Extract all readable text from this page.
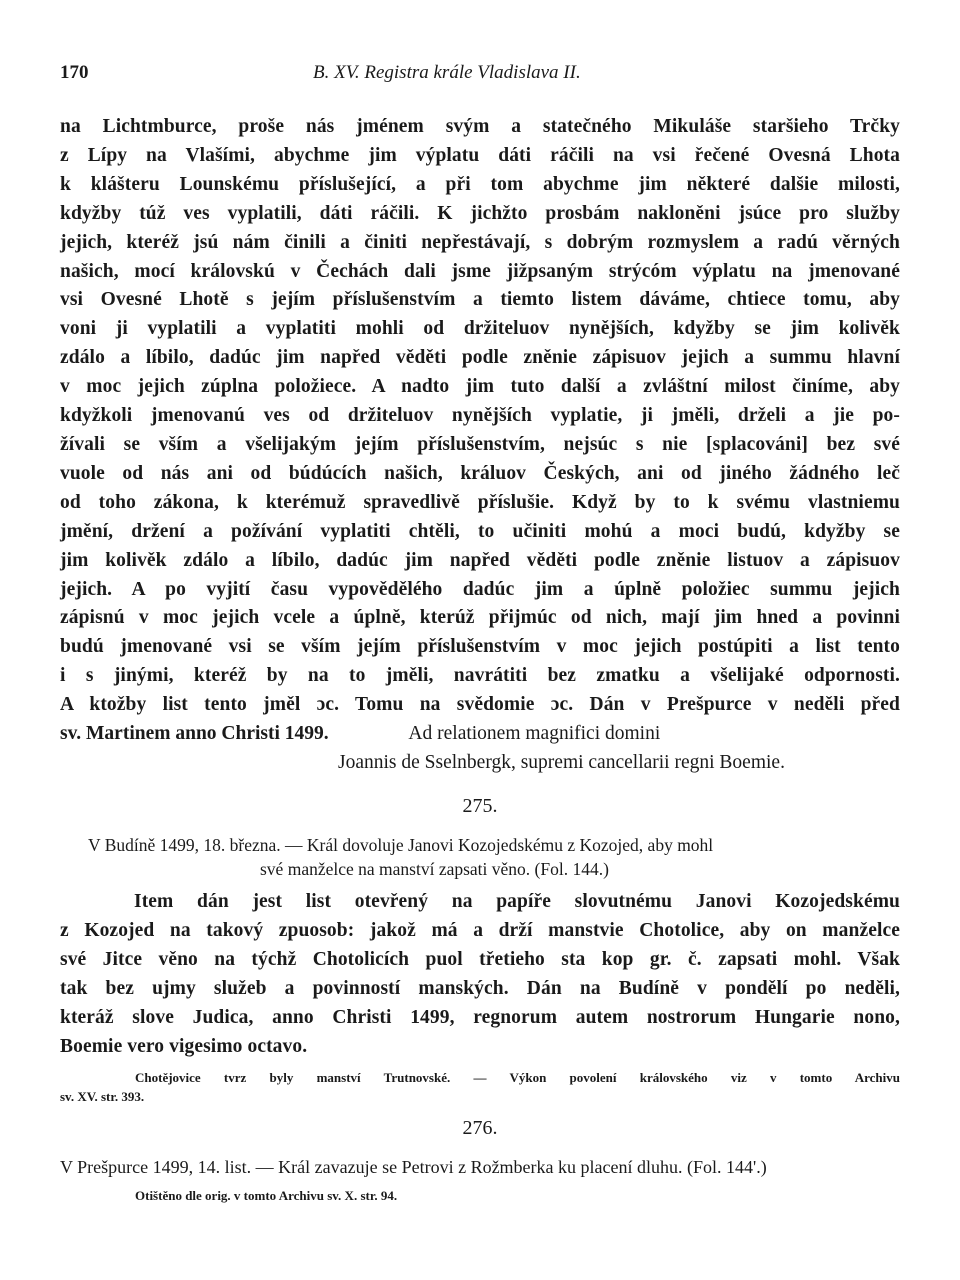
170	B. XV. Registra krále Vladislava II.
na Lichtmburce, proše nás jménem svým a statečného Mikuláše staršieho Trčky
z Lípy na Vlašími, abychme jim výplatu dáti ráčili na vsi řečené Ovesná Lhota
k klášteru Lounskému příslušející, a při tom abychme jim některé dalšie milosti,
kdyžby túž ves vyplatili, dáti ráčili. K jichžto prosbám nakloněni jsúce pro služby
jejich, kteréž jsú nám činili a činiti nepřestávají, s dobrým rozmyslem a radú věrných
našich, mocí královskú v Čechách dali jsme jižpsaným strýcóm výplatu na jmenované
vsi Ovesné Lhotě s jejím příslušenstvím a tiemto listem dáváme, chtiece tomu, aby
voni ji vyplatili a vyplatiti mohli od držiteluov nynějších, kdyžby se jim kolivěk
zdálo a líbilo, dadúc jim napřed věděti podle zněnie zápisuov jejich a summu hlavní
v moc jejich zúplna položiece. A nadto jim tuto další a zvláštní milost činíme, aby
kdyžkoli jmenovanú ves od držiteluov nynějších vyplatie, ji jměli, drželi a jie po-
žívali se vším a všelijakým jejím příslušenstvím, nejsúc s nie [splacováni] bez své
vuole od nás ani od búdúcích našich, králuov Českých, ani od jiného žádného leč
od toho zákona, k kterémuž spravedlivě příslušie. Když by to k svému vlastniemu
jmění, držení a požívání vyplatiti chtěli, to učiniti mohú a moci budú, kdyžby se
jim kolivěk zdálo a líbilo, dadúc jim napřed věděti podle zněnie listuov a zápisuov
jejich. A po vyjití času vypovědělého dadúc jim a úplně položiec summu jejich
zápisnú v moc jejich vcele a úplně, kterúž přijmúc od nich, mají jim hned a povinni
budú jmenované vsi se vším jejím příslušenstvím v moc jejich postúpiti a list tento
i s jinými, kteréž by na to jměli, navrátiti bez zmatku a všelijaké odpornosti.
A ktožby list tento jměl ɔc. Tomu na svědomie ɔc. Dán v Prešpurce v neděli před
sv. Martinem anno Christi 1499.	Ad relationem magnifici domini
Joannis de Sselnbergk, supremi cancellarii regni Boemie.
275.
V Budíně 1499, 18. března. — Král dovoluje Janovi Kozojedskému z Kozojed, aby mohl
své manželce na manství zapsati věno. (Fol. 144.)
Item dán jest list otevřený na papíře slovutnému Janovi Kozojedskému
z Kozojed na takový zpuosob: jakož má a drží manstvie Chotolice, aby on manželce
své Jitce věno na týchž Chotolicích puol třetieho sta kop gr. č. zapsati mohl. Však
tak bez ujmy služeb a povinností manských. Dán na Budíně v pondělí po neděli,
kteráž slove Judica, anno Christi 1499, regnorum autem nostrorum Hungarie nono,
Boemie vero vigesimo octavo.
Chotějovice tvrz byly manství Trutnovské. — Výkon povolení královského viz v tomto Archivu
sv. XV. str. 393.
276.
V Prešpurce 1499, 14. list. — Král zavazuje se Petrovi z Rožmberka ku placení dluhu. (Fol. 144'.)
Otištěno dle orig. v tomto Archivu sv. X. str. 94.
